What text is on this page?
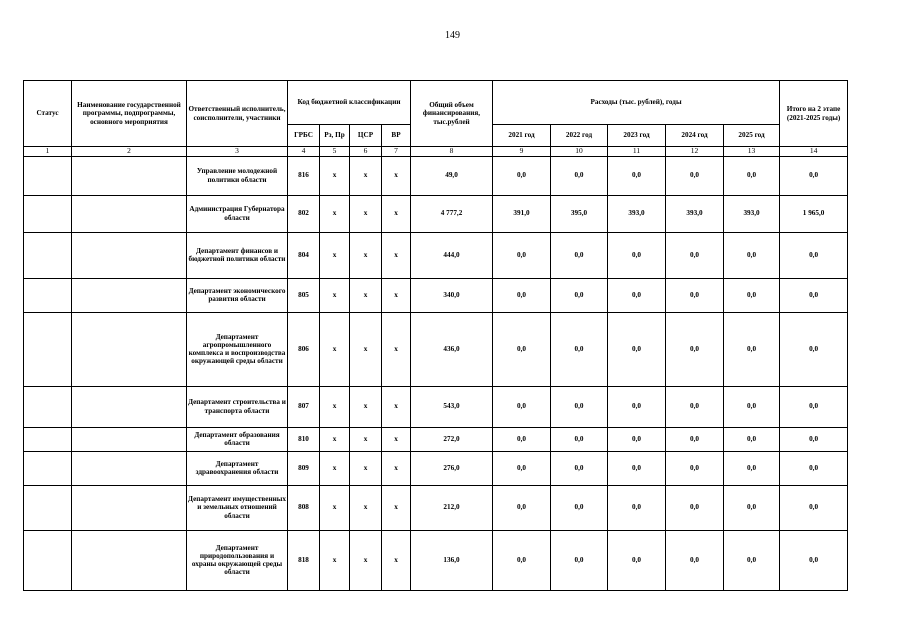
149
Статус	Наименование государственной программы, подпрограммы, основного мероприятия	Ответственный исполнитель, соисполнители, участники	Код бюджетной классификации				Общий объем финансирования, тыс.рублей	Расходы (тыс. рублей), годы					Итого на 2 этапе (2021-2025 годы)
			ГРБС	Рз, Пр	ЦСР	ВР		2021 год	2022 год	2023 год	2024 год	2025 год	
1	2	3	4	5	6	7	8	9	10	11	12	13	14
		Управление молодежной политики области	816	x	x	x	49,0	0,0	0,0	0,0	0,0	0,0	0,0
		Администрация Губернатора области	802	x	x	x	4 777,2	391,0	395,0	393,0	393,0	393,0	1 965,0
		Департамент финансов и бюджетной политики области	804	x	x	x	444,0	0,0	0,0	0,0	0,0	0,0	0,0
		Департамент экономического развития области	805	x	x	x	340,0	0,0	0,0	0,0	0,0	0,0	0,0
		Департамент агропромышленного комплекса и воспроизводства окружающей среды области	806	x	x	x	436,0	0,0	0,0	0,0	0,0	0,0	0,0
		Департамент строительства и транспорта области	807	x	x	x	543,0	0,0	0,0	0,0	0,0	0,0	0,0
		Департамент образования области	810	x	x	x	272,0	0,0	0,0	0,0	0,0	0,0	0,0
		Департамент здравоохранения области	809	x	x	x	276,0	0,0	0,0	0,0	0,0	0,0	0,0
		Департамент имущественных и земельных отношений области	808	x	x	x	212,0	0,0	0,0	0,0	0,0	0,0	0,0
		Департамент природопользования и охраны окружающей среды области	818	x	x	x	136,0	0,0	0,0	0,0	0,0	0,0	0,0
